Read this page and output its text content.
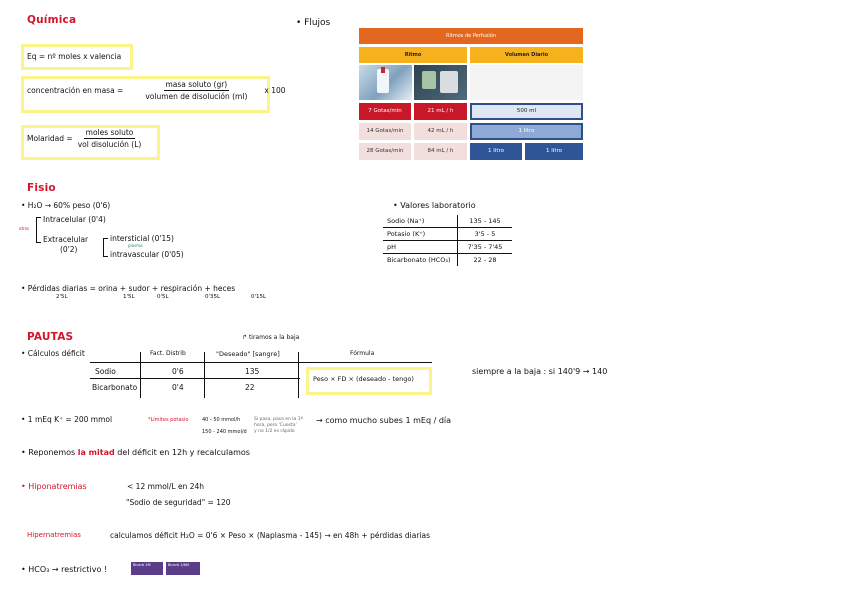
Química
Eq = nº moles x valencia
concentración en masa =	$\frac{\text{masa soluto (gr)}}{\text{volumen de disolución (ml)}}$ x 100
Molaridad = $\frac{\text{moles soluto}}{\text{vol disolución (L)}}$
• Flujos
Ritmos de Perfusión
Ritmo	Volumen Diario
7 Gotas/min	21 mL / h	500 ml
14 Gotas/min	42 mL / h	1 litro
28 Gotas/min	84 mL / h	1 litro	1 litro
Fisio
• H₂O → 60% peso (0'6)
Intracelular (0'4)
otros
Extracelular
(0'2)
intersticial (0'15)
plasma
intravascular (0'05)
• Pérdidas diarias = orina + sudor + respiración + heces
2'5L	1'5L	0'5L	0'35L	0'15L
• Valores laboratorio
Sodio (Na⁺)	135 - 145
Potasio (K⁺)	3'5 - 5
pH	7'35 - 7'45
Bicarbonato (HCO₃)	22 - 28
PAUTAS
• Cálculos déficit
↱ tiramos a la baja
Fact. Distrib	"Deseado" [sangre]	Fórmula
Sodio	0'6	135
Bicarbonato	0'4	22
Peso × FD × (deseado - tengo)
siempre a la baja : si 140'9 → 140
• 1 mEq K⁺ = 200 mmol	*Límites potasio	40 - 50 mmol/h
150 - 240 mmol/d
Si pasa, pasa en la 1ª
hora, pero 'Cuesta'
y no 1/2 es rápido
→ como mucho subes 1 mEq / día
• Reponemos la mitad del déficit en 12h y recalculamos
• Hiponatremias	< 12 mmol/L en 24h
"Sodio de seguridad" = 120
Hipernatremias	calculamos déficit H₂O = 0'6 × Peso × (Naplasma - 145) → en 48h + pérdidas diarias
• HCO₃ → restrictivo !	Bicarb 1M	Bicarb 1/6M
